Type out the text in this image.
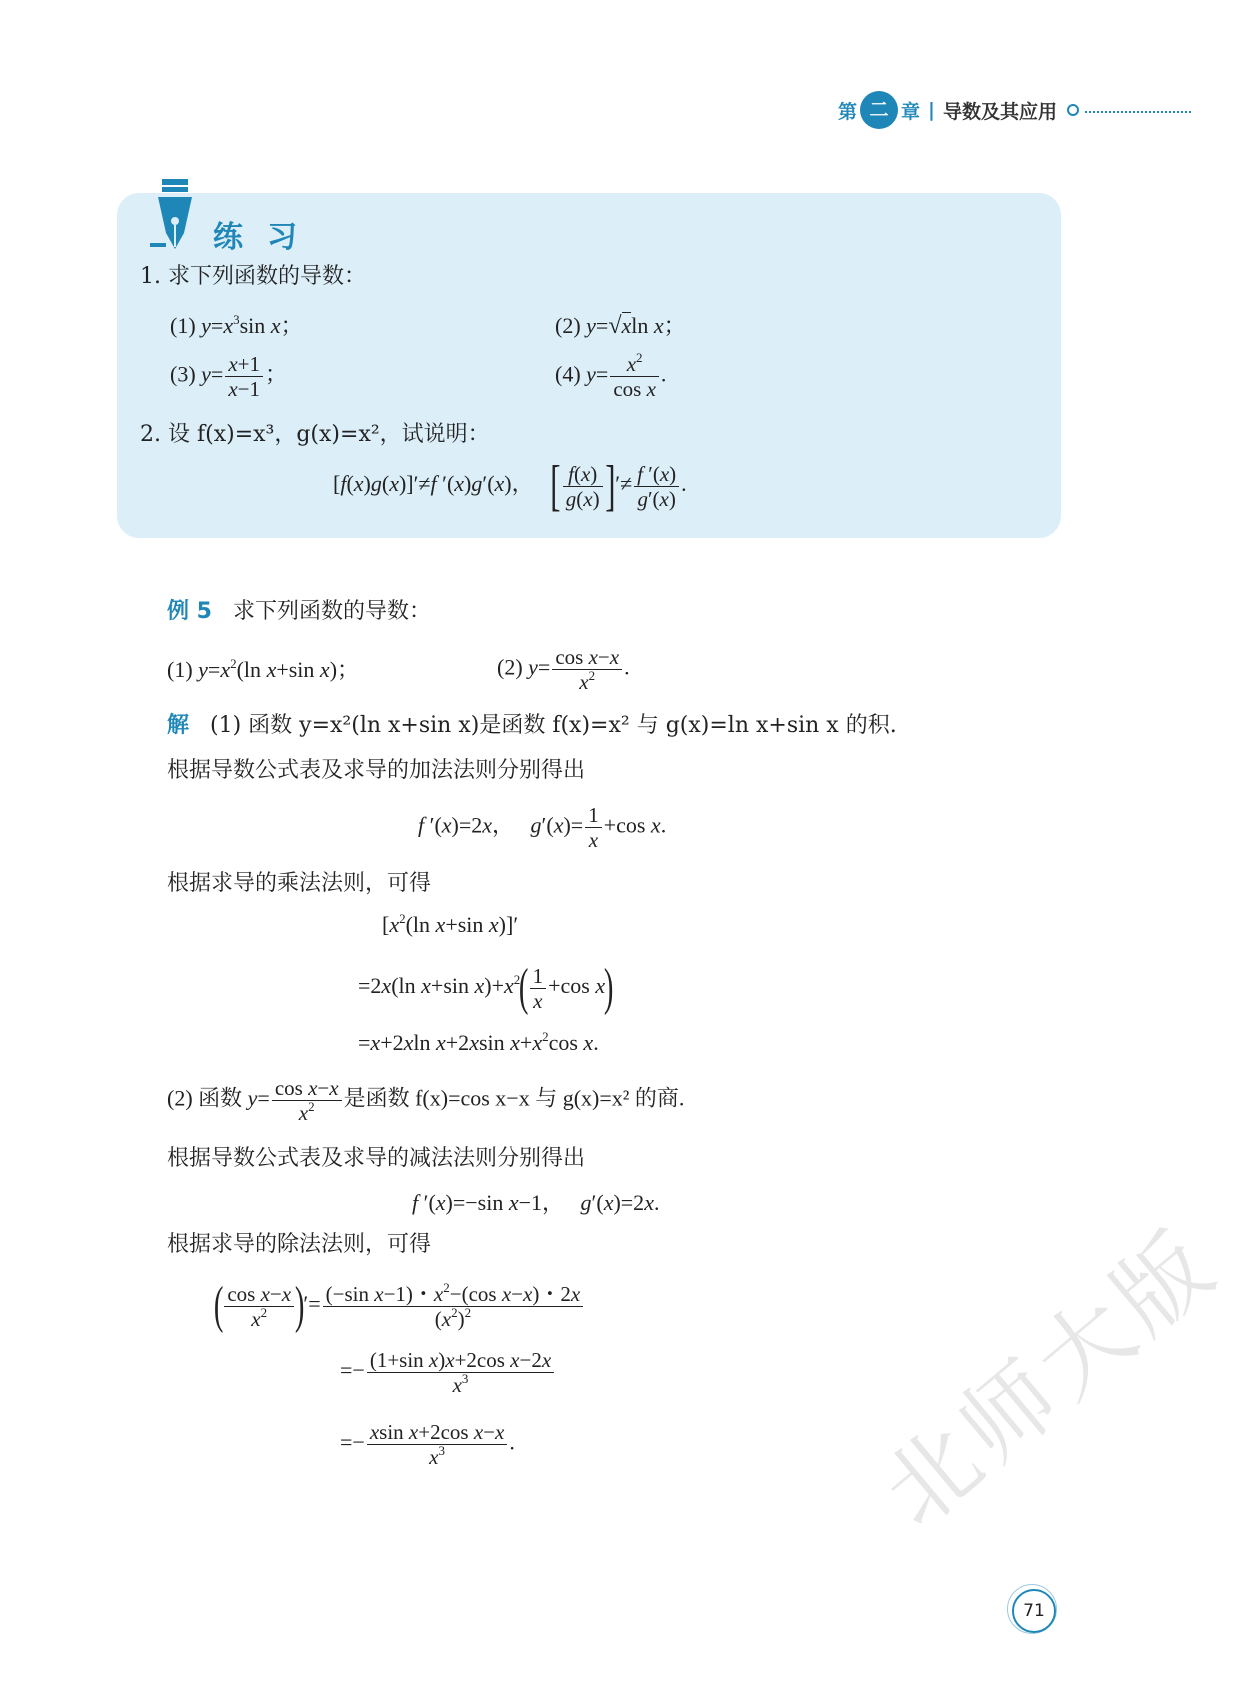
第 二 章 | 导数及其应用
练习
1. 求下列函数的导数：
(1) $y=x^3\sin$ x；	(2) y=√xln x；
(3) $y= \frac{x+1}{x-1}$ ；	(4) $y= \frac{x^2}{\text{cos x}}$ .
2. 设 f(x)=x³，g(x)=x²，试说明：
[f(x)g(x)]′≠f ′(x)g′(x)，   [ $\frac{f(x)}{g(x)}$ ]′≠ $\frac{f '(x)}{g'(x)}$ .
例 5 求下列函数的导数：
(1) $y=x^2(\ln$ x+sin x)；	(2) $y= \frac{\text{cos x−x}}{x^2}$ .
解 (1) 函数 y=x²(ln x+sin x)是函数 f(x)=x² 与 g(x)=ln x+sin x 的积.
根据导数公式表及求导的加法法则分别得出
f ′(x)=2x，   $g'(x)= \frac{1}{x} +\cos$ x.
根据求导的乘法法则，可得
[$x^2(\ln$ x+sin x)]′
=2x(ln x+sin $x)+x^2( \frac{1}{x} +\cos$ x)
=x+2xln x+2xsin $x+x^2\cos$ x.
(2) 函数 $y= \frac{\text{cos x−x}}{x^2}$ 是函数 f(x)=cos x−x 与 g(x)=x² 的商.
根据导数公式表及求导的减法法则分别得出
f ′(x)=−sin x−1，   g′(x)=2x.
根据求导的除法法则，可得
( $\frac{\text{cos x−x}}{x^2}$ )′= $\frac{(-\sin x-1)・x^2-(\cos x-x)・2x}{(x^2)^2}$
=− $\frac{\text{(1+sin x)x+2cos x−2x}}{x^3}$
=− $\frac{\text{xsin x+2cos x−x}}{x^3}$ .	北师大版
71
